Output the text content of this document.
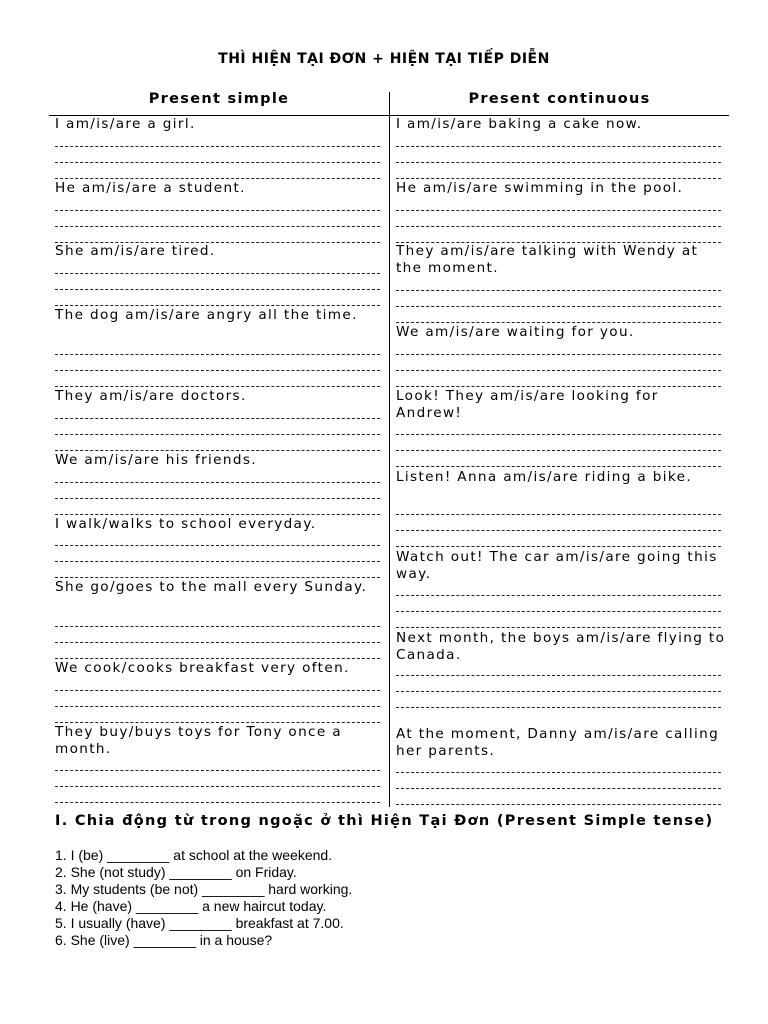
THÌ HIỆN TẠI ĐƠN + HIỆN TẠI TIẾP DIỄN
Present simple	Present continuous
I am/is/are a girl.
He am/is/are a student.
She am/is/are tired.
The dog am/is/are angry all the time.
They am/is/are doctors.
We am/is/are his friends.
I walk/walks to school everyday.
She go/goes to the mall every Sunday.
We cook/cooks breakfast very often.
They buy/buys toys for Tony once a month.
I am/is/are baking a cake now.
He am/is/are swimming in the pool.
They am/is/are talking with Wendy at the moment.
We am/is/are waiting for you.
Look! They am/is/are looking for Andrew!
Listen! Anna am/is/are riding a bike.
Watch out! The car am/is/are going this way.
Next month, the boys am/is/are flying to Canada.
At the moment, Danny am/is/are calling her parents.
I. Chia động từ trong ngoặc ở thì Hiện Tại Đơn (Present Simple tense)
1. I (be) ________ at school at the weekend.
2. She (not study) ________ on Friday.
3. My students (be not) ________ hard working.
4. He (have) ________ a new haircut today.
5. I usually (have) ________ breakfast at 7.00.
6. She (live) ________ in a house?
